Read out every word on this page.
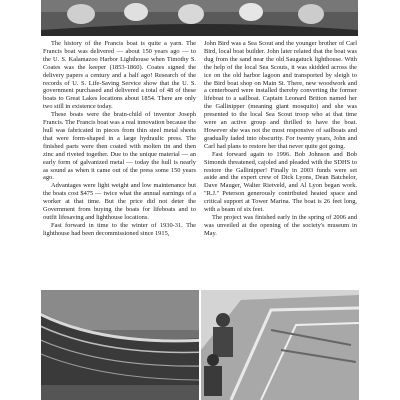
The history of the Francis boat is quite a yarn. The Francis boat was delivered — about 150 years ago — to the U. S. Kalamazoo Harbor Lighthouse when Timothy S. Coates was the keeper (1853-1860). Coates signed the delivery papers a century and a half ago! Research of the records of U. S. Life-Saving Service show that the U. S. government purchased and delivered a total of 48 of these boats to Great Lakes locations about 1854. There are only two still in existence today.

These boats were the brain-child of inventor Joseph Francis. The Francis boat was a real innovation because the hull was fabricated in pieces from thin steel metal sheets that were form-shaped in a large hydraulic press. The finished parts were then coated with molten tin and then zinc and riveted together. Due to the unique material — an early form of galvanized metal — today the hull is nearly as sound as when it came out of the press some 150 years ago.

Advantages were light weight and low maintenance but the boats cost $475 — twice what the annual earnings of a worker at that time. But the price did not deter the Government from buying the boats for lifeboats and to outfit lifesaving and lighthouse locations.

Fast forward in time to the winter of 1930-31. The lighthouse had been decommissioned since 1915,

John Bird was a Sea Scout and the younger brother of Carl Bird, local boat builder. John later related that the boat was dug from the sand near the old Saugatuck lighthouse. With the help of the local Sea Scouts, it was skidded across the ice on the old harbor lagoon and transported by sleigh to the Bird boat shop on Main St. There, new woodwork and a centerboard were installed thereby converting the former lifeboat to a sailboat. Captain Leonard Britton named her the Gallinipper (meaning giant mosquito) and she was presented to the local Sea Scout troop who at that time were an active group and thrilled to have the boat. However she was not the most responsive of sailboats and gradually faded into obscurity. For twenty years, John and Carl had plans to restore her that never quite got going.

Fast forward again to 1996. Bob Johnson and Bob Simonds threatened, cajoled and pleaded with the SDHS to restore the Gallinipper! Finally in 2003 funds were set aside and the expert crew of Dick Lyons, Dean Batchelor, Dave Mauger, Walter Rietveld, and Al Lyon began work. "R.J." Peterson generously contributed heated space and critical support at Tower Marina. The boat is 26 feet long, with a beam of six feet.

The project was finished early in the spring of 2006 and was unveiled at the opening of the society's museum in May.
